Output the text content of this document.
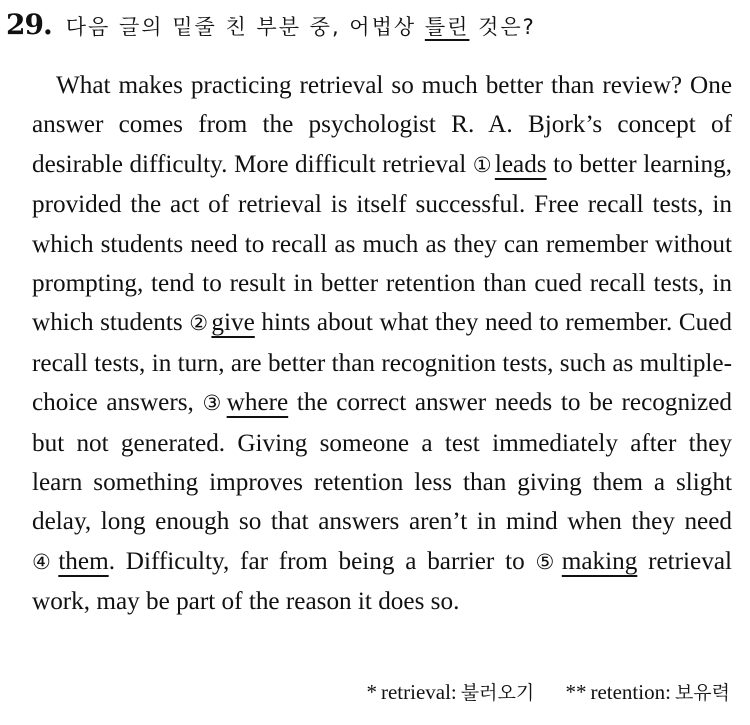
29. 다음 글의 밑줄 친 부분 중, 어법상 틀린 것은?

What makes practicing retrieval so much better than review? One answer comes from the psychologist R. A. Bjork’s concept of desirable difficulty. More difficult retrieval ① leads to better learning, provided the act of retrieval is itself successful. Free recall tests, in which students need to recall as much as they can remember without prompting, tend to result in better retention than cued recall tests, in which students ② give hints about what they need to remember. Cued recall tests, in turn, are better than recognition tests, such as multiple-choice answers, ③ where the correct answer needs to be recognized but not generated. Giving someone a test immediately after they learn something improves retention less than giving them a slight delay, long enough so that answers aren’t in mind when they need ④ them. Difficulty, far from being a barrier to ⑤ making retrieval work, may be part of the reason it does so.

* retrieval: 불러오기 ** retention: 보유력
